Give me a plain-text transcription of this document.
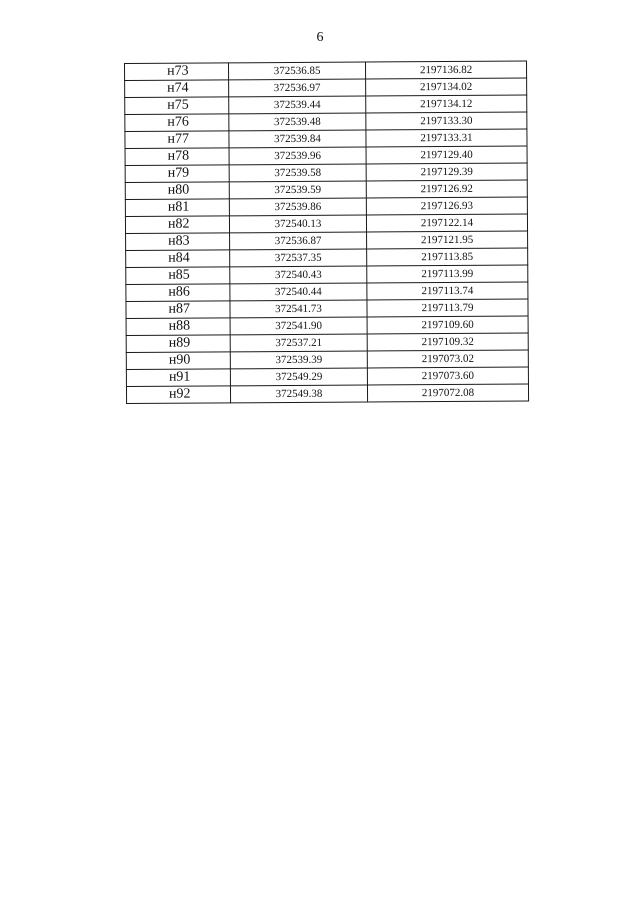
6
н73	372536.85	2197136.82
н74	372536.97	2197134.02
н75	372539.44	2197134.12
н76	372539.48	2197133.30
н77	372539.84	2197133.31
н78	372539.96	2197129.40
н79	372539.58	2197129.39
н80	372539.59	2197126.92
н81	372539.86	2197126.93
н82	372540.13	2197122.14
н83	372536.87	2197121.95
н84	372537.35	2197113.85
н85	372540.43	2197113.99
н86	372540.44	2197113.74
н87	372541.73	2197113.79
н88	372541.90	2197109.60
н89	372537.21	2197109.32
н90	372539.39	2197073.02
н91	372549.29	2197073.60
н92	372549.38	2197072.08
